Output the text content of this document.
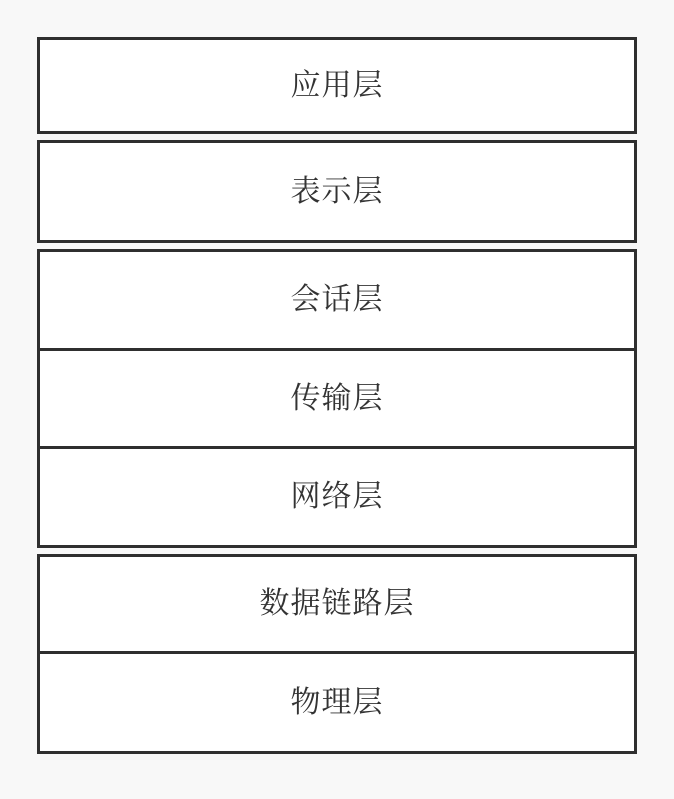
应用层
表示层
会话层
传输层
网络层
数据链路层
物理层
